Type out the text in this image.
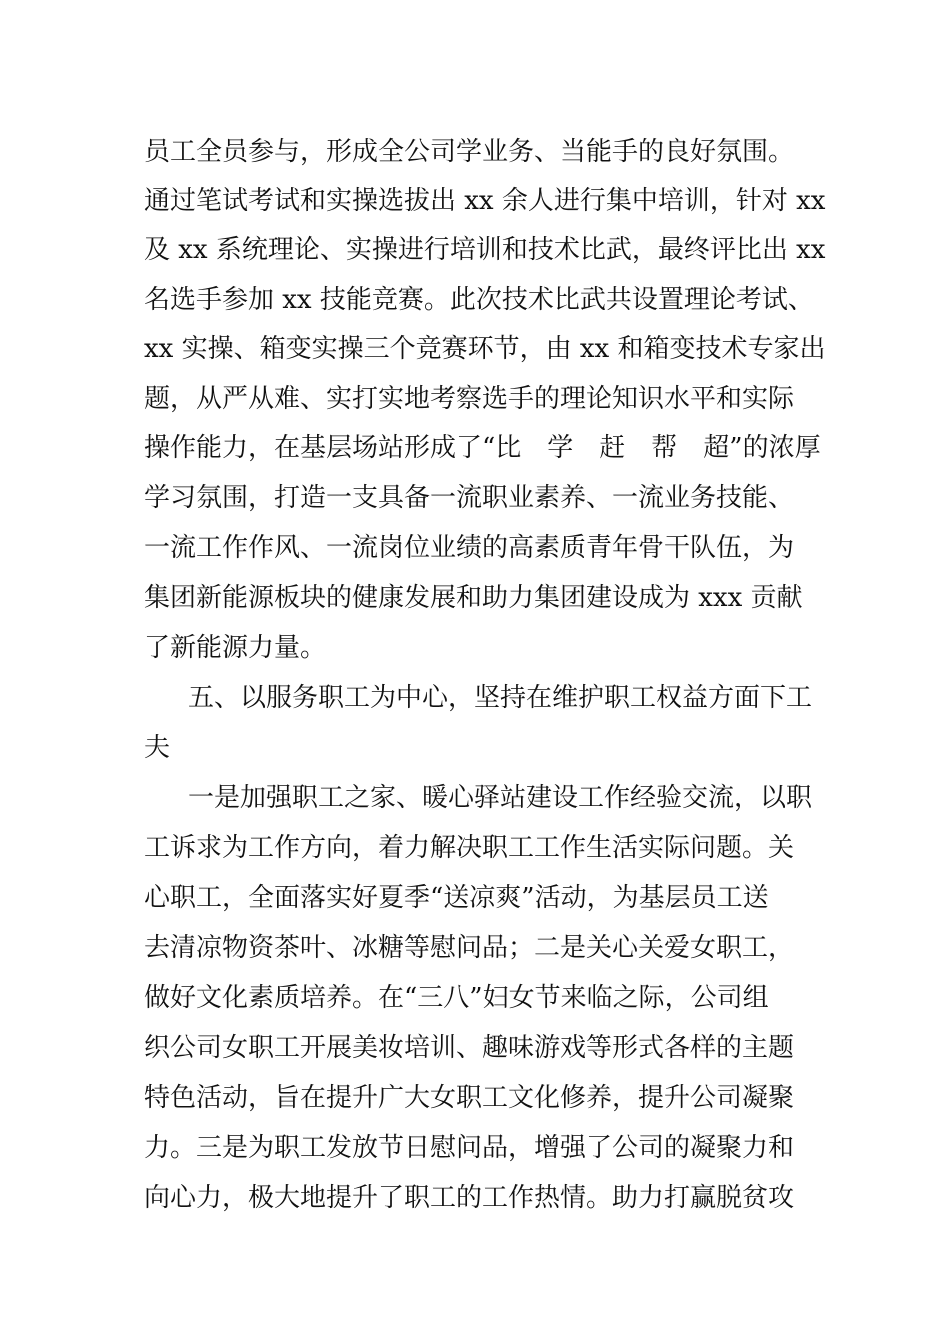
员工全员参与，形成全公司学业务、当能手的良好氛围。
通过笔试考试和实操选拔出 xx 余人进行集中培训，针对 xx
及 xx 系统理论、实操进行培训和技术比武，最终评比出 xx
名选手参加 xx 技能竞赛。此次技术比武共设置理论考试、
xx 实操、箱变实操三个竞赛环节，由 xx 和箱变技术专家出
题，从严从难、实打实地考察选手的理论知识水平和实际
操作能力，在基层场站形成了“比　学　赶　帮　超”的浓厚
学习氛围，打造一支具备一流职业素养、一流业务技能、
一流工作作风、一流岗位业绩的高素质青年骨干队伍，为
集团新能源板块的健康发展和助力集团建设成为 xxx 贡献
了新能源力量。
五、以服务职工为中心，坚持在维护职工权益方面下工
夫
一是加强职工之家、暖心驿站建设工作经验交流，以职
工诉求为工作方向，着力解决职工工作生活实际问题。关
心职工，全面落实好夏季“送凉爽”活动，为基层员工送
去清凉物资茶叶、冰糖等慰问品；二是关心关爱女职工，
做好文化素质培养。在“三八”妇女节来临之际，公司组
织公司女职工开展美妆培训、趣味游戏等形式各样的主题
特色活动，旨在提升广大女职工文化修养，提升公司凝聚
力。三是为职工发放节日慰问品，增强了公司的凝聚力和
向心力，极大地提升了职工的工作热情。助力打赢脱贫攻
